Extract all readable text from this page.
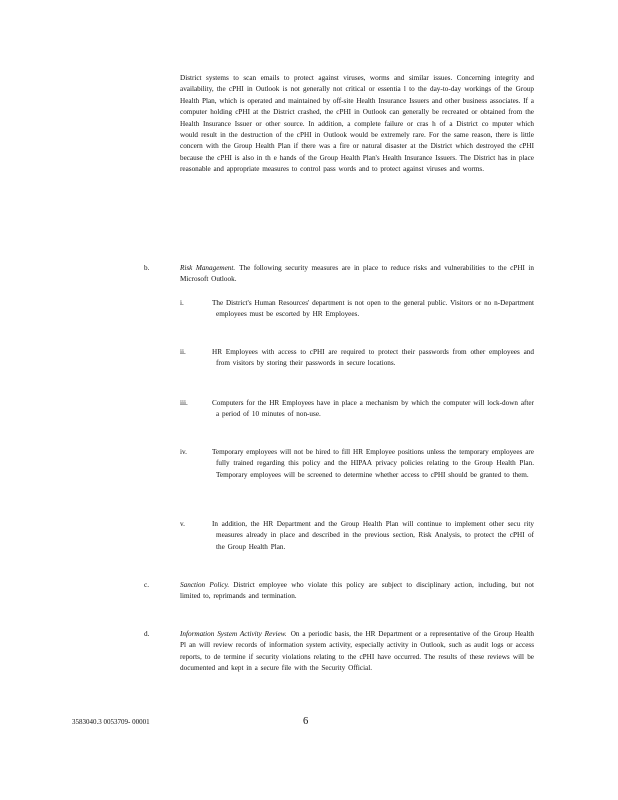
District systems to scan emails to protect against viruses, worms and similar issues. Concerning integrity and availability, the cPHI in Outlook is not generally not critical or essentia l to the day-to-day workings of the Group Health Plan, which is operated and maintained by off-site Health Insurance Issuers and other business associates. If a computer holding cPHI at the District crashed, the cPHI in Outlook can generally be recreated or obtained from the Health Insurance Issuer or other source. In addition, a complete failure or cras h of a District co mputer which would result in the destruction of the cPHI in Outlook would be extremely rare. For the same reason, there is little concern with the Group Health Plan if there was a fire or natural disaster at the District which destroyed the cPHI because the cPHI is also in th e hands of the Group Health Plan's Health Insurance Issuers. The District has in place reasonable and appropriate measures to control pass words and to protect against viruses and worms.
b.	Risk Management. The following security measures are in place to reduce risks and vulnerabilities to the cPHI in Microsoft Outlook.
i.	The District's Human Resources' department is not open to the general public. Visitors or no n-Department employees must be escorted by HR Employees.
ii.	HR Employees with access to cPHI are required to protect their passwords from other employees and from visitors by storing their passwords in secure locations.
iii.	Computers for the HR Employees have in place a mechanism by which the computer will lock-down after a period of 10 minutes of non-use.
iv.	Temporary employees will not be hired to fill HR Employee positions unless the temporary employees are fully trained regarding this policy and the HIPAA privacy policies relating to the Group Health Plan. Temporary employees will be screened to determine whether access to cPHI should be granted to them.
v.	In addition, the HR Department and the Group Health Plan will continue to implement other secu rity measures already in place and described in the previous section, Risk Analysis, to protect the cPHI of the Group Health Plan.
c.	Sanction Policy. District employee who violate this policy are subject to disciplinary action, including, but not limited to, reprimands and termination.
d.	Information System Activity Review. On a periodic basis, the HR Department or a representative of the Group Health Pl an will review records of information system activity, especially activity in Outlook, such as audit logs or access reports, to de termine if security violations relating to the cPHI have occurred. The results of these reviews will be documented and kept in a secure file with the Security Official.
3583040.3 0053709- 00001	6
